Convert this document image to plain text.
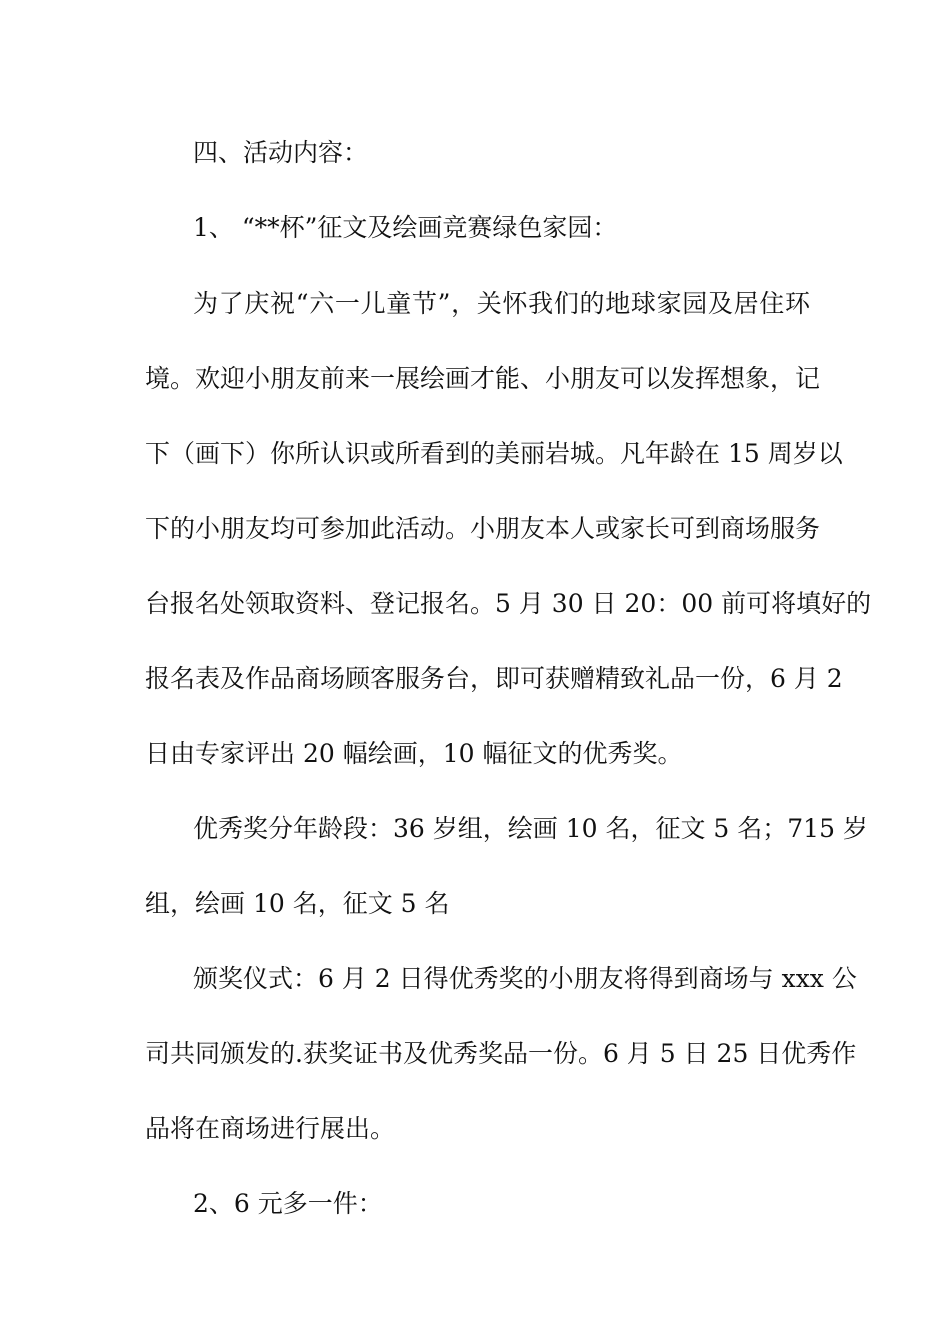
四、活动内容：

1、 “**杯”征文及绘画竞赛绿色家园：

为了庆祝“六一儿童节”，关怀我们的地球家园及居住环

境。欢迎小朋友前来一展绘画才能、小朋友可以发挥想象，记

下（画下）你所认识或所看到的美丽岩城。凡年龄在 15 周岁以

下的小朋友均可参加此活动。小朋友本人或家长可到商场服务

台报名处领取资料、登记报名。5 月 30 日 20：00 前可将填好的

报名表及作品商场顾客服务台，即可获赠精致礼品一份，6 月 2

日由专家评出 20 幅绘画，10 幅征文的优秀奖。

优秀奖分年龄段：36 岁组，绘画 10 名，征文 5 名；715 岁

组，绘画 10 名，征文 5 名

颁奖仪式：6 月 2 日得优秀奖的小朋友将得到商场与 xxx 公

司共同颁发的.获奖证书及优秀奖品一份。6 月 5 日 25 日优秀作

品将在商场进行展出。

2、6 元多一件：
